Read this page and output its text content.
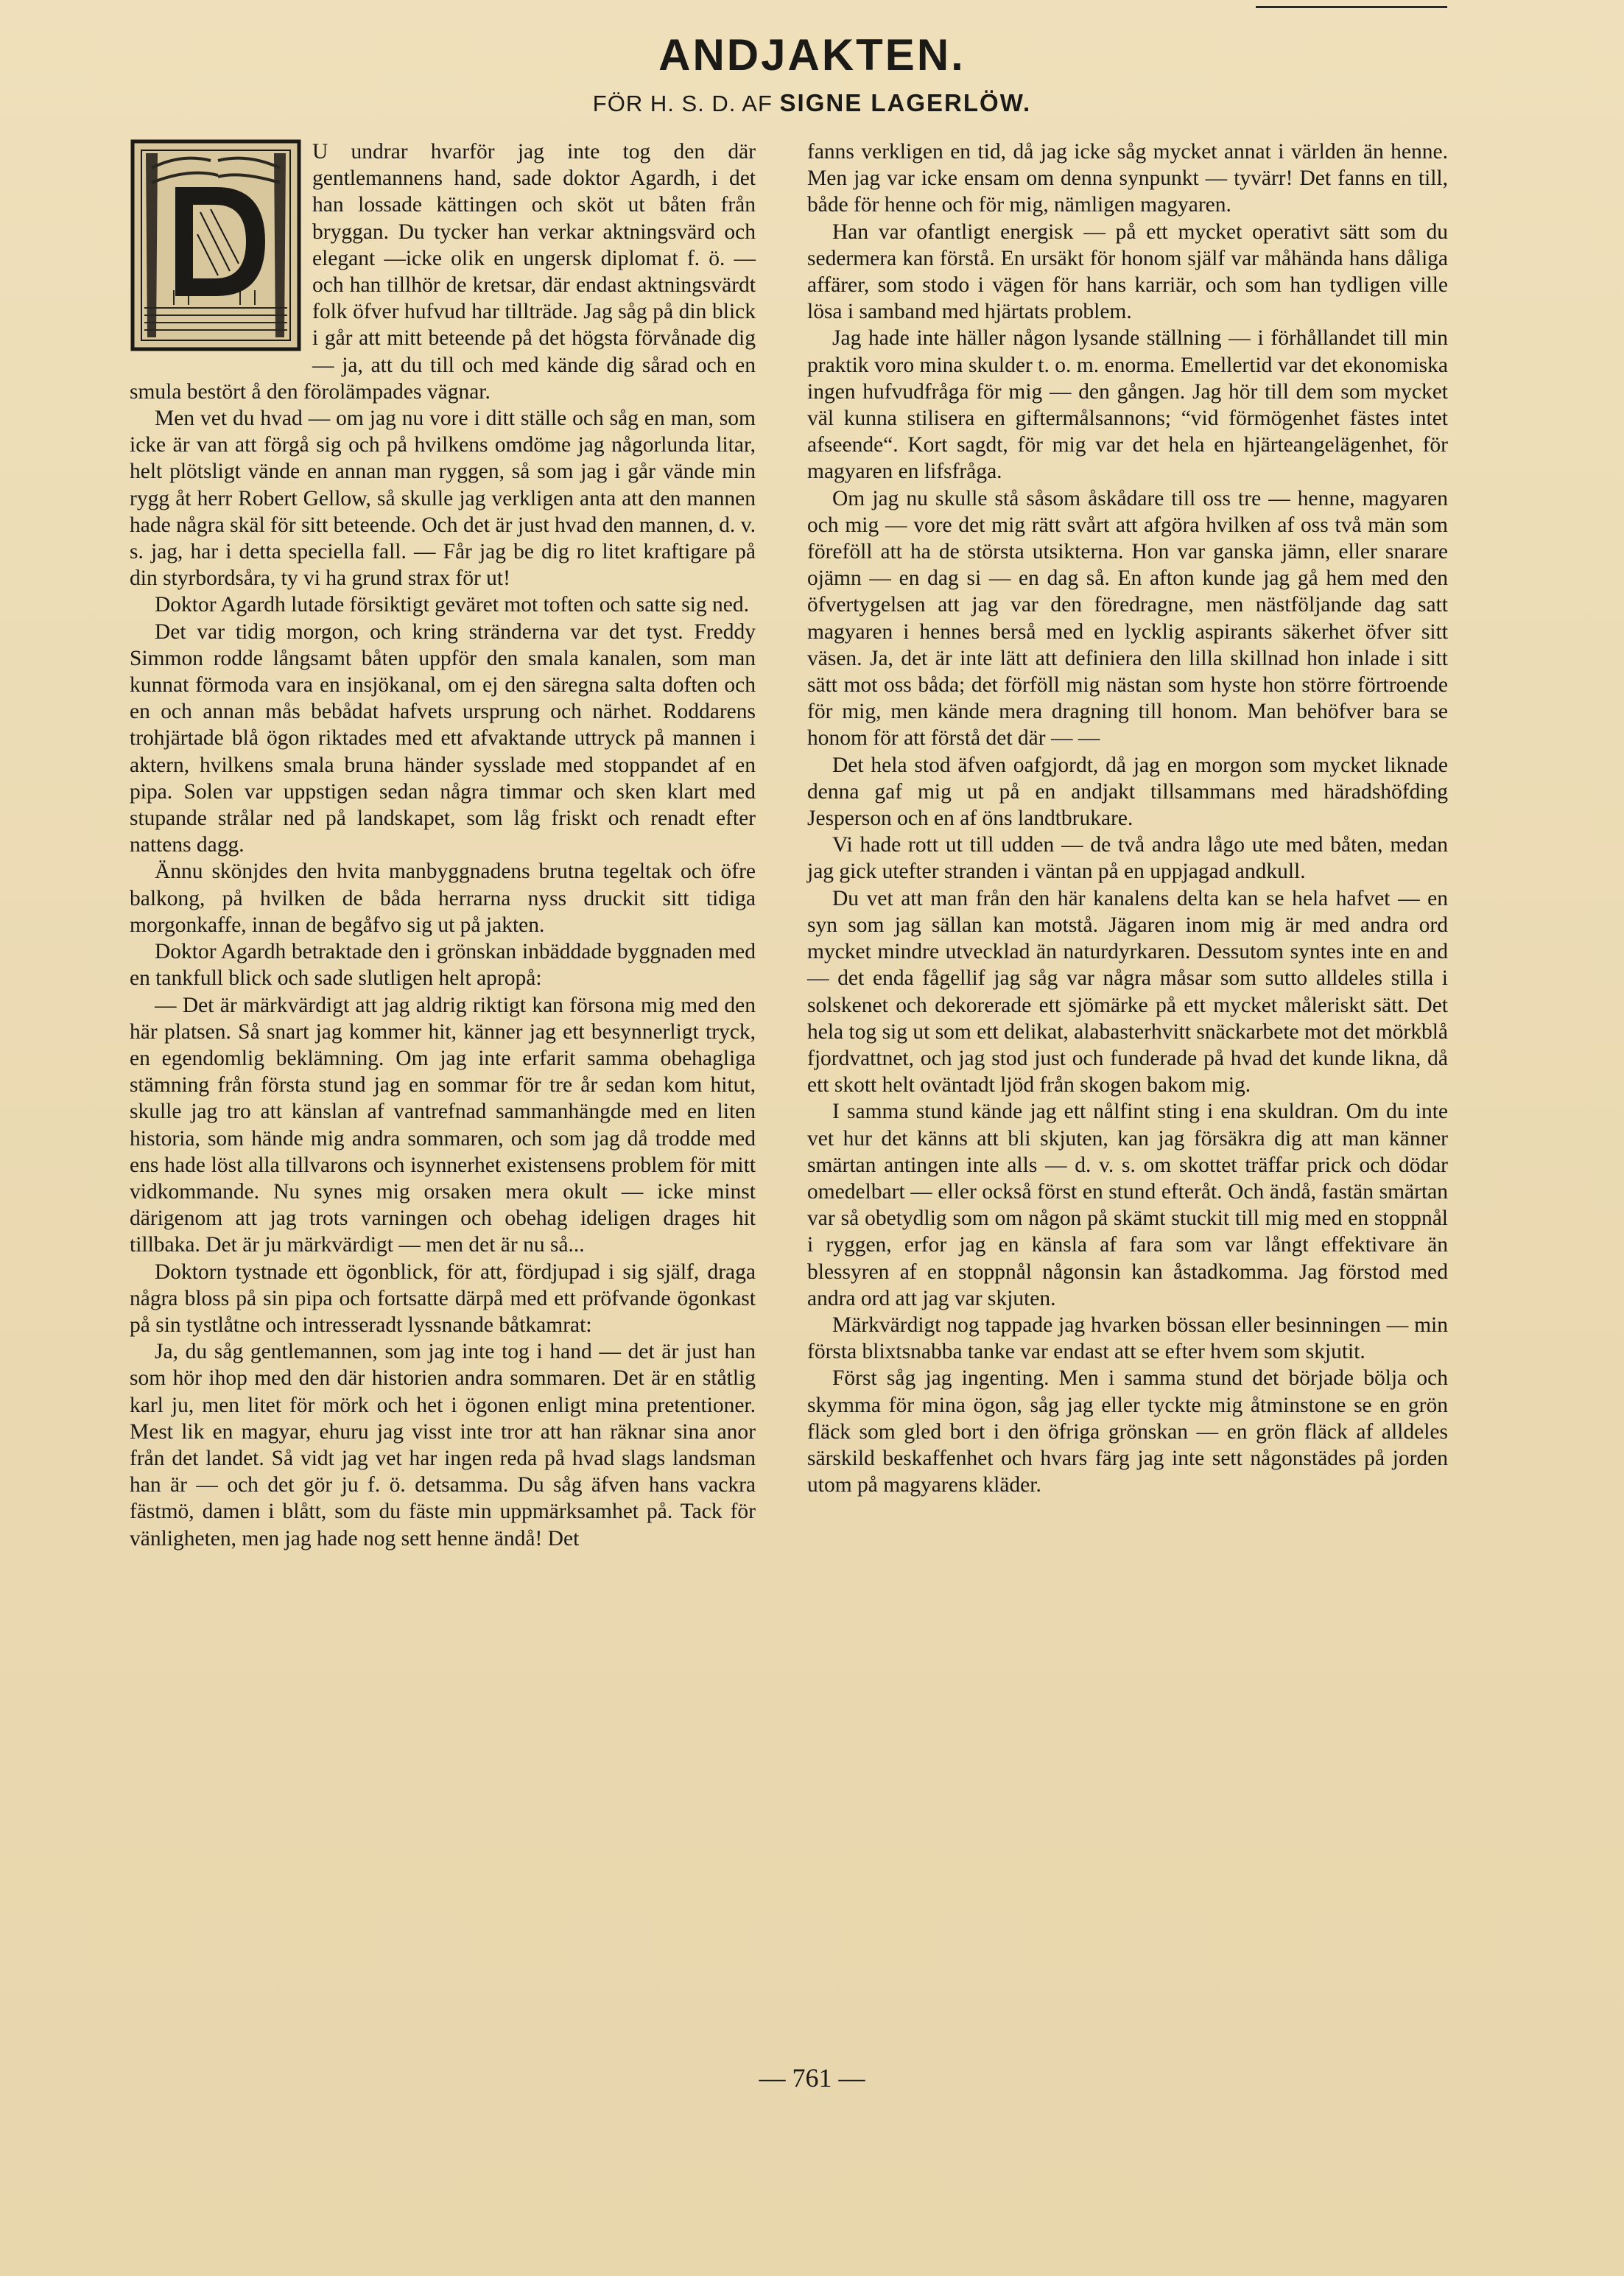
ANDJAKTEN.
FÖR H. S. D. AF SIGNE LAGERLÖW.
D

U undrar hvarför jag inte tog den där gentlemannens hand, sade doktor Agardh, i det han lossade kättingen och sköt ut båten från bryggan. Du tycker han verkar aktningsvärd och elegant —icke olik en ungersk diplomat f. ö. — och han tillhör de kretsar, där endast aktningsvärdt folk öfver hufvud har tillträde. Jag såg på din blick i går att mitt beteende på det högsta förvånade dig — ja, att du till och med kände dig sårad och en smula bestört å den förolämpades vägnar.

Men vet du hvad — om jag nu vore i ditt ställe och såg en man, som icke är van att förgå sig och på hvilkens omdöme jag någorlunda litar, helt plötsligt vände en annan man ryggen, så som jag i går vände min rygg åt herr Robert Gellow, så skulle jag verkligen anta att den mannen hade några skäl för sitt beteende. Och det är just hvad den mannen, d. v. s. jag, har i detta speciella fall. — Får jag be dig ro litet kraftigare på din styrbordsåra, ty vi ha grund strax för ut!

Doktor Agardh lutade försiktigt geväret mot toften och satte sig ned.

Det var tidig morgon, och kring stränderna var det tyst. Freddy Simmon rodde långsamt båten uppför den smala kanalen, som man kunnat förmoda vara en insjökanal, om ej den säregna salta doften och en och annan mås bebådat hafvets ursprung och närhet. Roddarens trohjärtade blå ögon riktades med ett afvaktande uttryck på mannen i aktern, hvilkens smala bruna händer sysslade med stoppandet af en pipa. Solen var uppstigen sedan några timmar och sken klart med stupande strålar ned på landskapet, som låg friskt och renadt efter nattens dagg.

Ännu skönjdes den hvita manbyggnadens brutna tegeltak och öfre balkong, på hvilken de båda herrarna nyss druckit sitt tidiga morgonkaffe, innan de begåfvo sig ut på jakten.

Doktor Agardh betraktade den i grönskan inbäddade byggnaden med en tankfull blick och sade slutligen helt apropå:

— Det är märkvärdigt att jag aldrig riktigt kan försona mig med den här platsen. Så snart jag kommer hit, känner jag ett besynnerligt tryck, en egendomlig beklämning. Om jag inte erfarit samma obehagliga stämning från första stund jag en sommar för tre år sedan kom hitut, skulle jag tro att känslan af vantrefnad sammanhängde med en liten historia, som hände mig andra sommaren, och som jag då trodde med ens hade löst alla tillvarons och isynnerhet existensens problem för mitt vidkommande. Nu synes mig orsaken mera okult — icke minst därigenom att jag trots varningen och obehag ideligen drages hit tillbaka. Det är ju märkvärdigt — men det är nu så...

Doktorn tystnade ett ögonblick, för att, fördjupad i sig själf, draga några bloss på sin pipa och fortsatte därpå med ett pröfvande ögonkast på sin tystlåtne och intresseradt lyssnande båtkamrat:

Ja, du såg gentlemannen, som jag inte tog i hand — det är just han som hör ihop med den där historien andra sommaren. Det är en ståtlig karl ju, men litet för mörk och het i ögonen enligt mina pretentioner. Mest lik en magyar, ehuru jag visst inte tror att han räknar sina anor från det landet. Så vidt jag vet har ingen reda på hvad slags landsman han är — och det gör ju f. ö. detsamma. Du såg äfven hans vackra fästmö, damen i blått, som du fäste min uppmärksamhet på. Tack för vänligheten, men jag hade nog sett henne ändå! Det

fanns verkligen en tid, då jag icke såg mycket annat i världen än henne. Men jag var icke ensam om denna synpunkt — tyvärr! Det fanns en till, både för henne och för mig, nämligen magyaren.

Han var ofantligt energisk — på ett mycket operativt sätt som du sedermera kan förstå. En ursäkt för honom själf var måhända hans dåliga affärer, som stodo i vägen för hans karriär, och som han tydligen ville lösa i samband med hjärtats problem.

Jag hade inte häller någon lysande ställning — i förhållandet till min praktik voro mina skulder t. o. m. enorma. Emellertid var det ekonomiska ingen hufvudfråga för mig — den gången. Jag hör till dem som mycket väl kunna stilisera en giftermålsannons; “vid förmögenhet fästes intet afseende“. Kort sagdt, för mig var det hela en hjärteangelägenhet, för magyaren en lifsfråga.

Om jag nu skulle stå såsom åskådare till oss tre — henne, magyaren och mig — vore det mig rätt svårt att afgöra hvilken af oss två män som föreföll att ha de största utsikterna. Hon var ganska jämn, eller snarare ojämn — en dag si — en dag så. En afton kunde jag gå hem med den öfvertygelsen att jag var den föredragne, men nästföljande dag satt magyaren i hennes berså med en lycklig aspirants säkerhet öfver sitt väsen. Ja, det är inte lätt att definiera den lilla skillnad hon inlade i sitt sätt mot oss båda; det förföll mig nästan som hyste hon större förtroende för mig, men kände mera dragning till honom. Man behöfver bara se honom för att förstå det där — —

Det hela stod äfven oafgjordt, då jag en morgon som mycket liknade denna gaf mig ut på en andjakt tillsammans med häradshöfding Jesperson och en af öns landtbrukare.

Vi hade rott ut till udden — de två andra lågo ute med båten, medan jag gick utefter stranden i väntan på en uppjagad andkull.

Du vet att man från den här kanalens delta kan se hela hafvet — en syn som jag sällan kan motstå. Jägaren inom mig är med andra ord mycket mindre utvecklad än naturdyrkaren. Dessutom syntes inte en and — det enda fågellif jag såg var några måsar som sutto alldeles stilla i solskenet och dekorerade ett sjömärke på ett mycket måleriskt sätt. Det hela tog sig ut som ett delikat, alabasterhvitt snäckarbete mot det mörkblå fjordvattnet, och jag stod just och funderade på hvad det kunde likna, då ett skott helt oväntadt ljöd från skogen bakom mig.

I samma stund kände jag ett nålfint sting i ena skuldran. Om du inte vet hur det känns att bli skjuten, kan jag försäkra dig att man känner smärtan antingen inte alls — d. v. s. om skottet träffar prick och dödar omedelbart — eller också först en stund efteråt. Och ändå, fastän smärtan var så obetydlig som om någon på skämt stuckit till mig med en stoppnål i ryggen, erfor jag en känsla af fara som var långt effektivare än blessyren af en stoppnål någonsin kan åstadkomma. Jag förstod med andra ord att jag var skjuten.

Märkvärdigt nog tappade jag hvarken bössan eller besinningen — min första blixtsnabba tanke var endast att se efter hvem som skjutit.

Först såg jag ingenting. Men i samma stund det började bölja och skymma för mina ögon, såg jag eller tyckte mig åtminstone se en grön fläck som gled bort i den öfriga grönskan — en grön fläck af alldeles särskild beskaffenhet och hvars färg jag inte sett någonstädes på jorden utom på magyarens kläder.

— 761 —
